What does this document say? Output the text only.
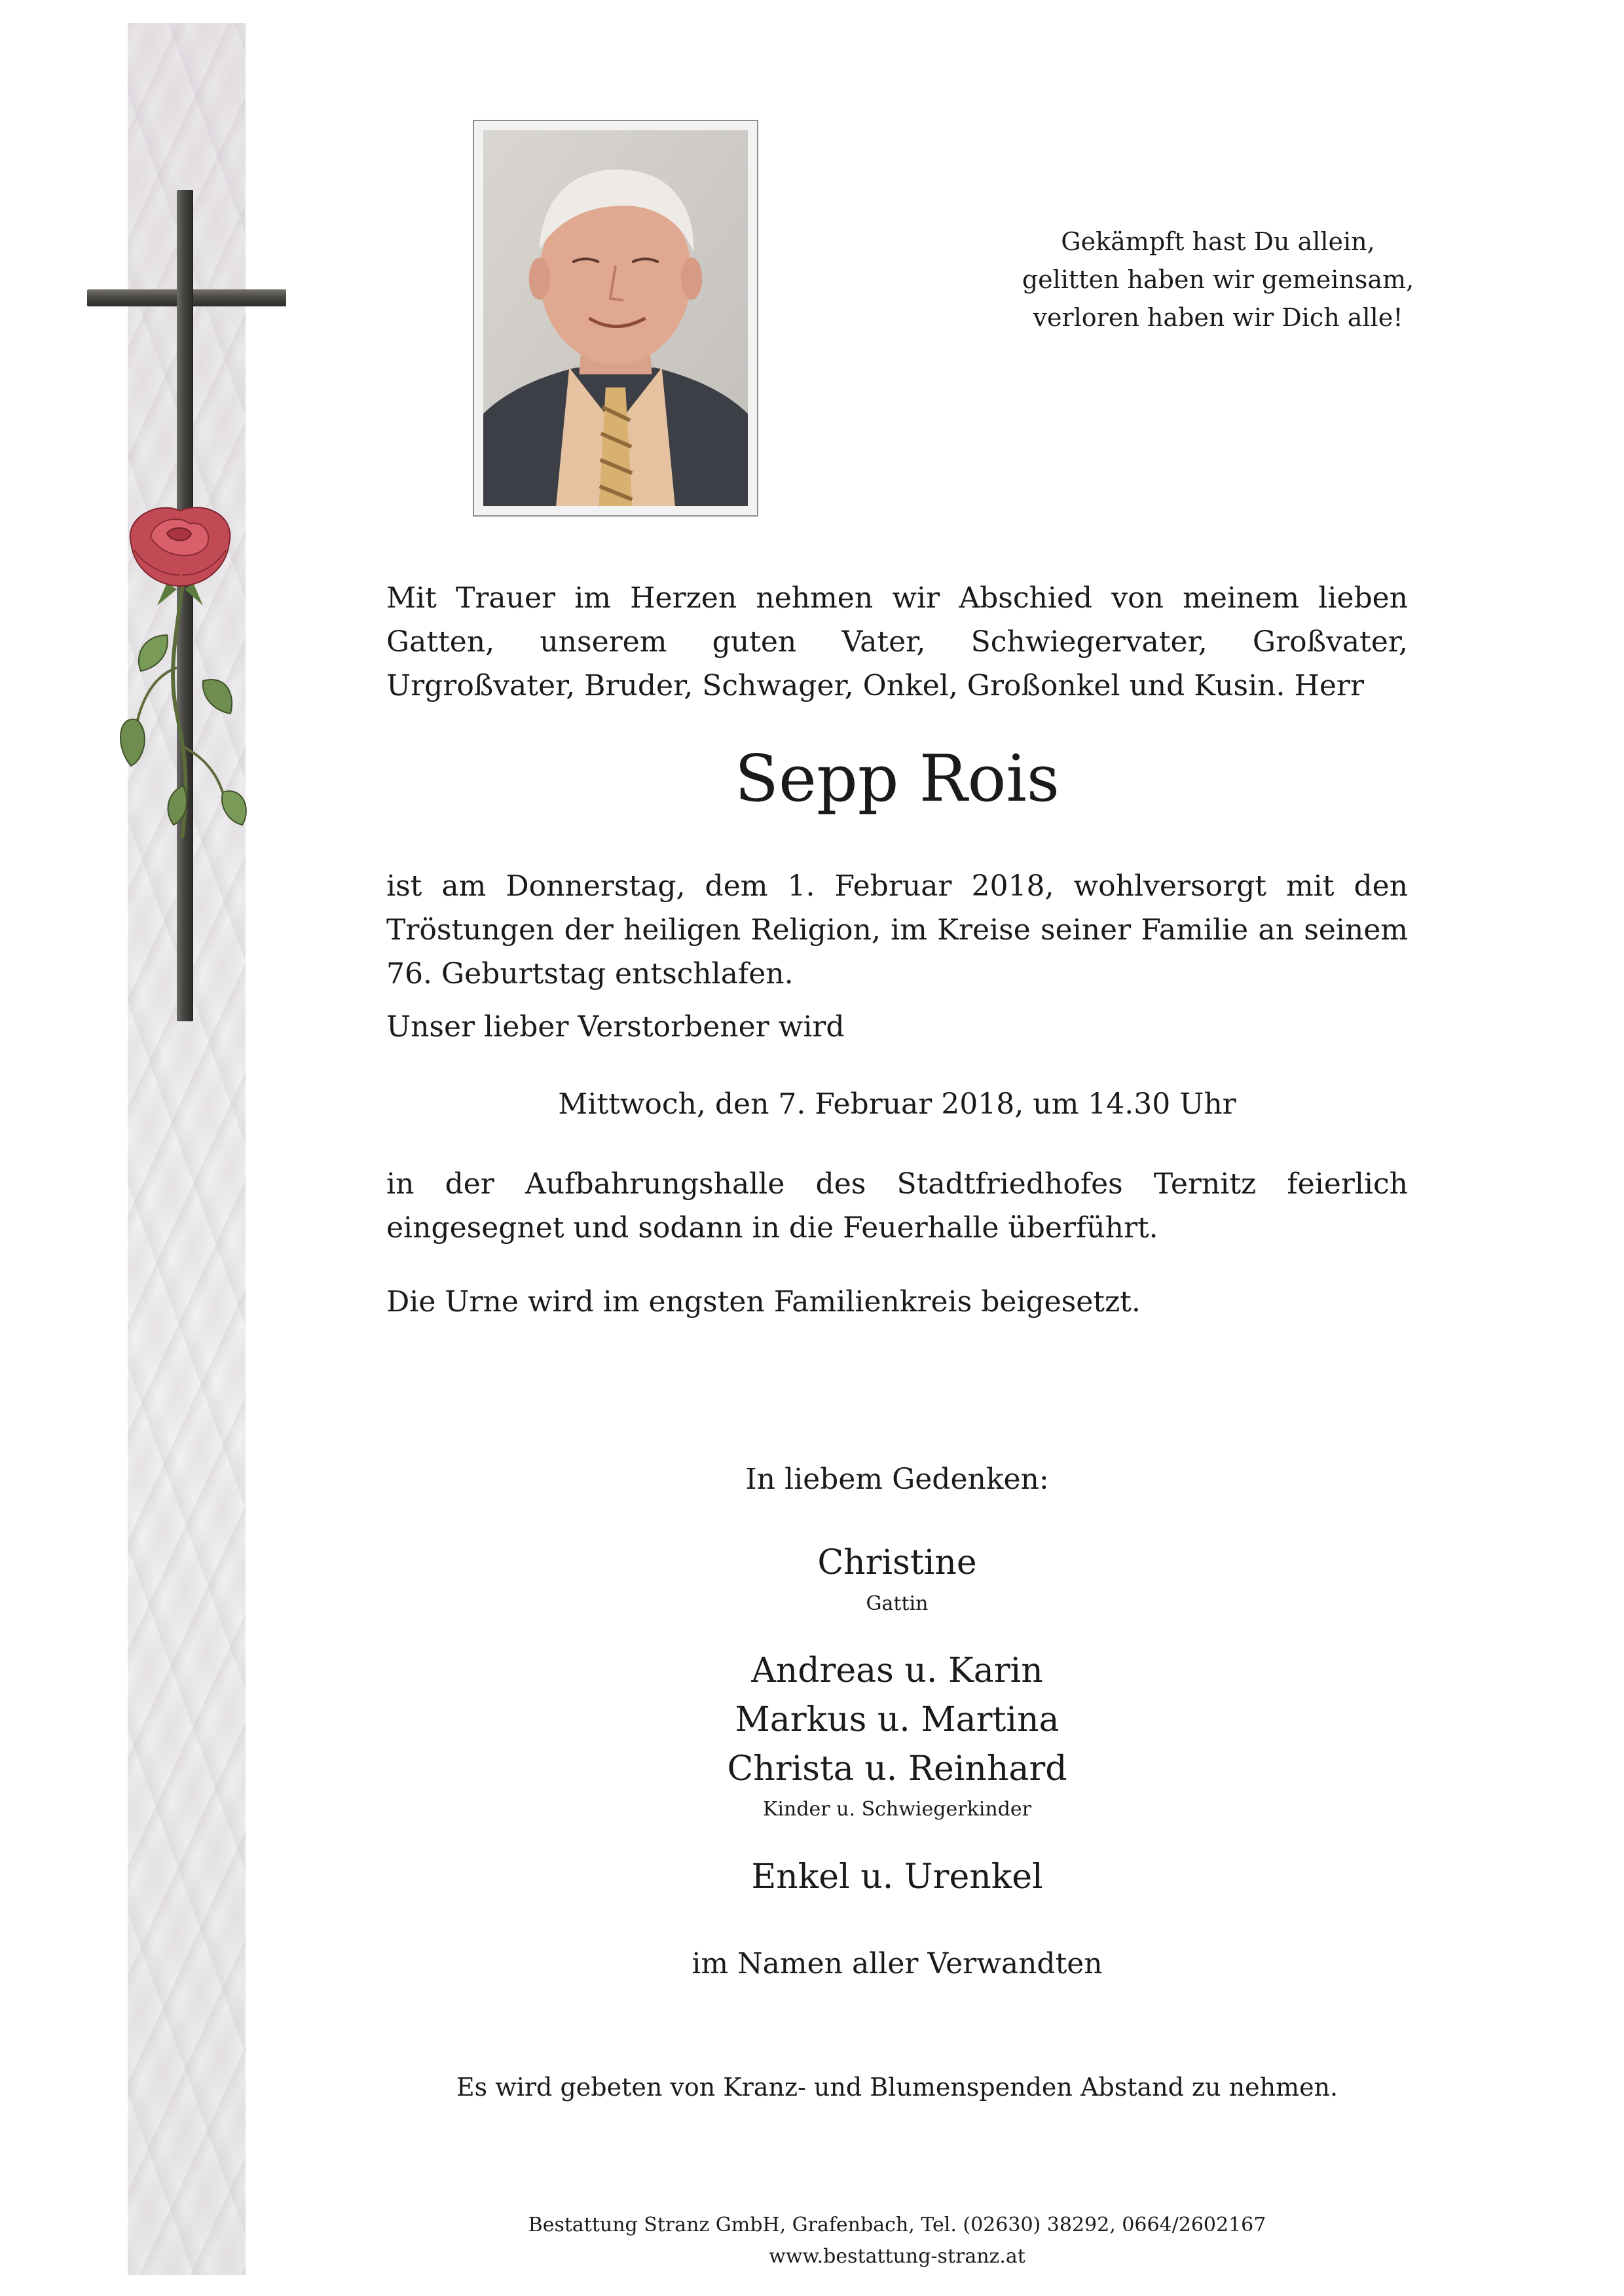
Gekämpft hast Du allein,
gelitten haben wir gemeinsam,
verloren haben wir Dich alle!
Mit Trauer im Herzen nehmen wir Abschied von meinem lieben Gatten, unserem guten Vater, Schwiegervater, Großvater, Urgroßvater, Bruder, Schwager, Onkel, Großonkel und Kusin. Herr
Sepp Rois
ist am Donnerstag, dem 1. Februar 2018, wohlversorgt mit den Tröstungen der heiligen Religion, im Kreise seiner Familie an seinem 76. Geburtstag entschlafen.
Unser lieber Verstorbener wird
Mittwoch, den 7. Februar 2018, um 14.30 Uhr
in der Aufbahrungshalle des Stadtfriedhofes Ternitz feierlich eingesegnet und sodann in die Feuerhalle überführt.
Die Urne wird im engsten Familienkreis beigesetzt.
In liebem Gedenken:
Christine
Gattin
Andreas u. Karin
Markus u. Martina
Christa u. Reinhard
Kinder u. Schwiegerkinder
Enkel u. Urenkel
im Namen aller Verwandten
Es wird gebeten von Kranz- und Blumenspenden Abstand zu nehmen.
Bestattung Stranz GmbH, Grafenbach, Tel. (02630) 38292, 0664/2602167
www.bestattung-stranz.at
